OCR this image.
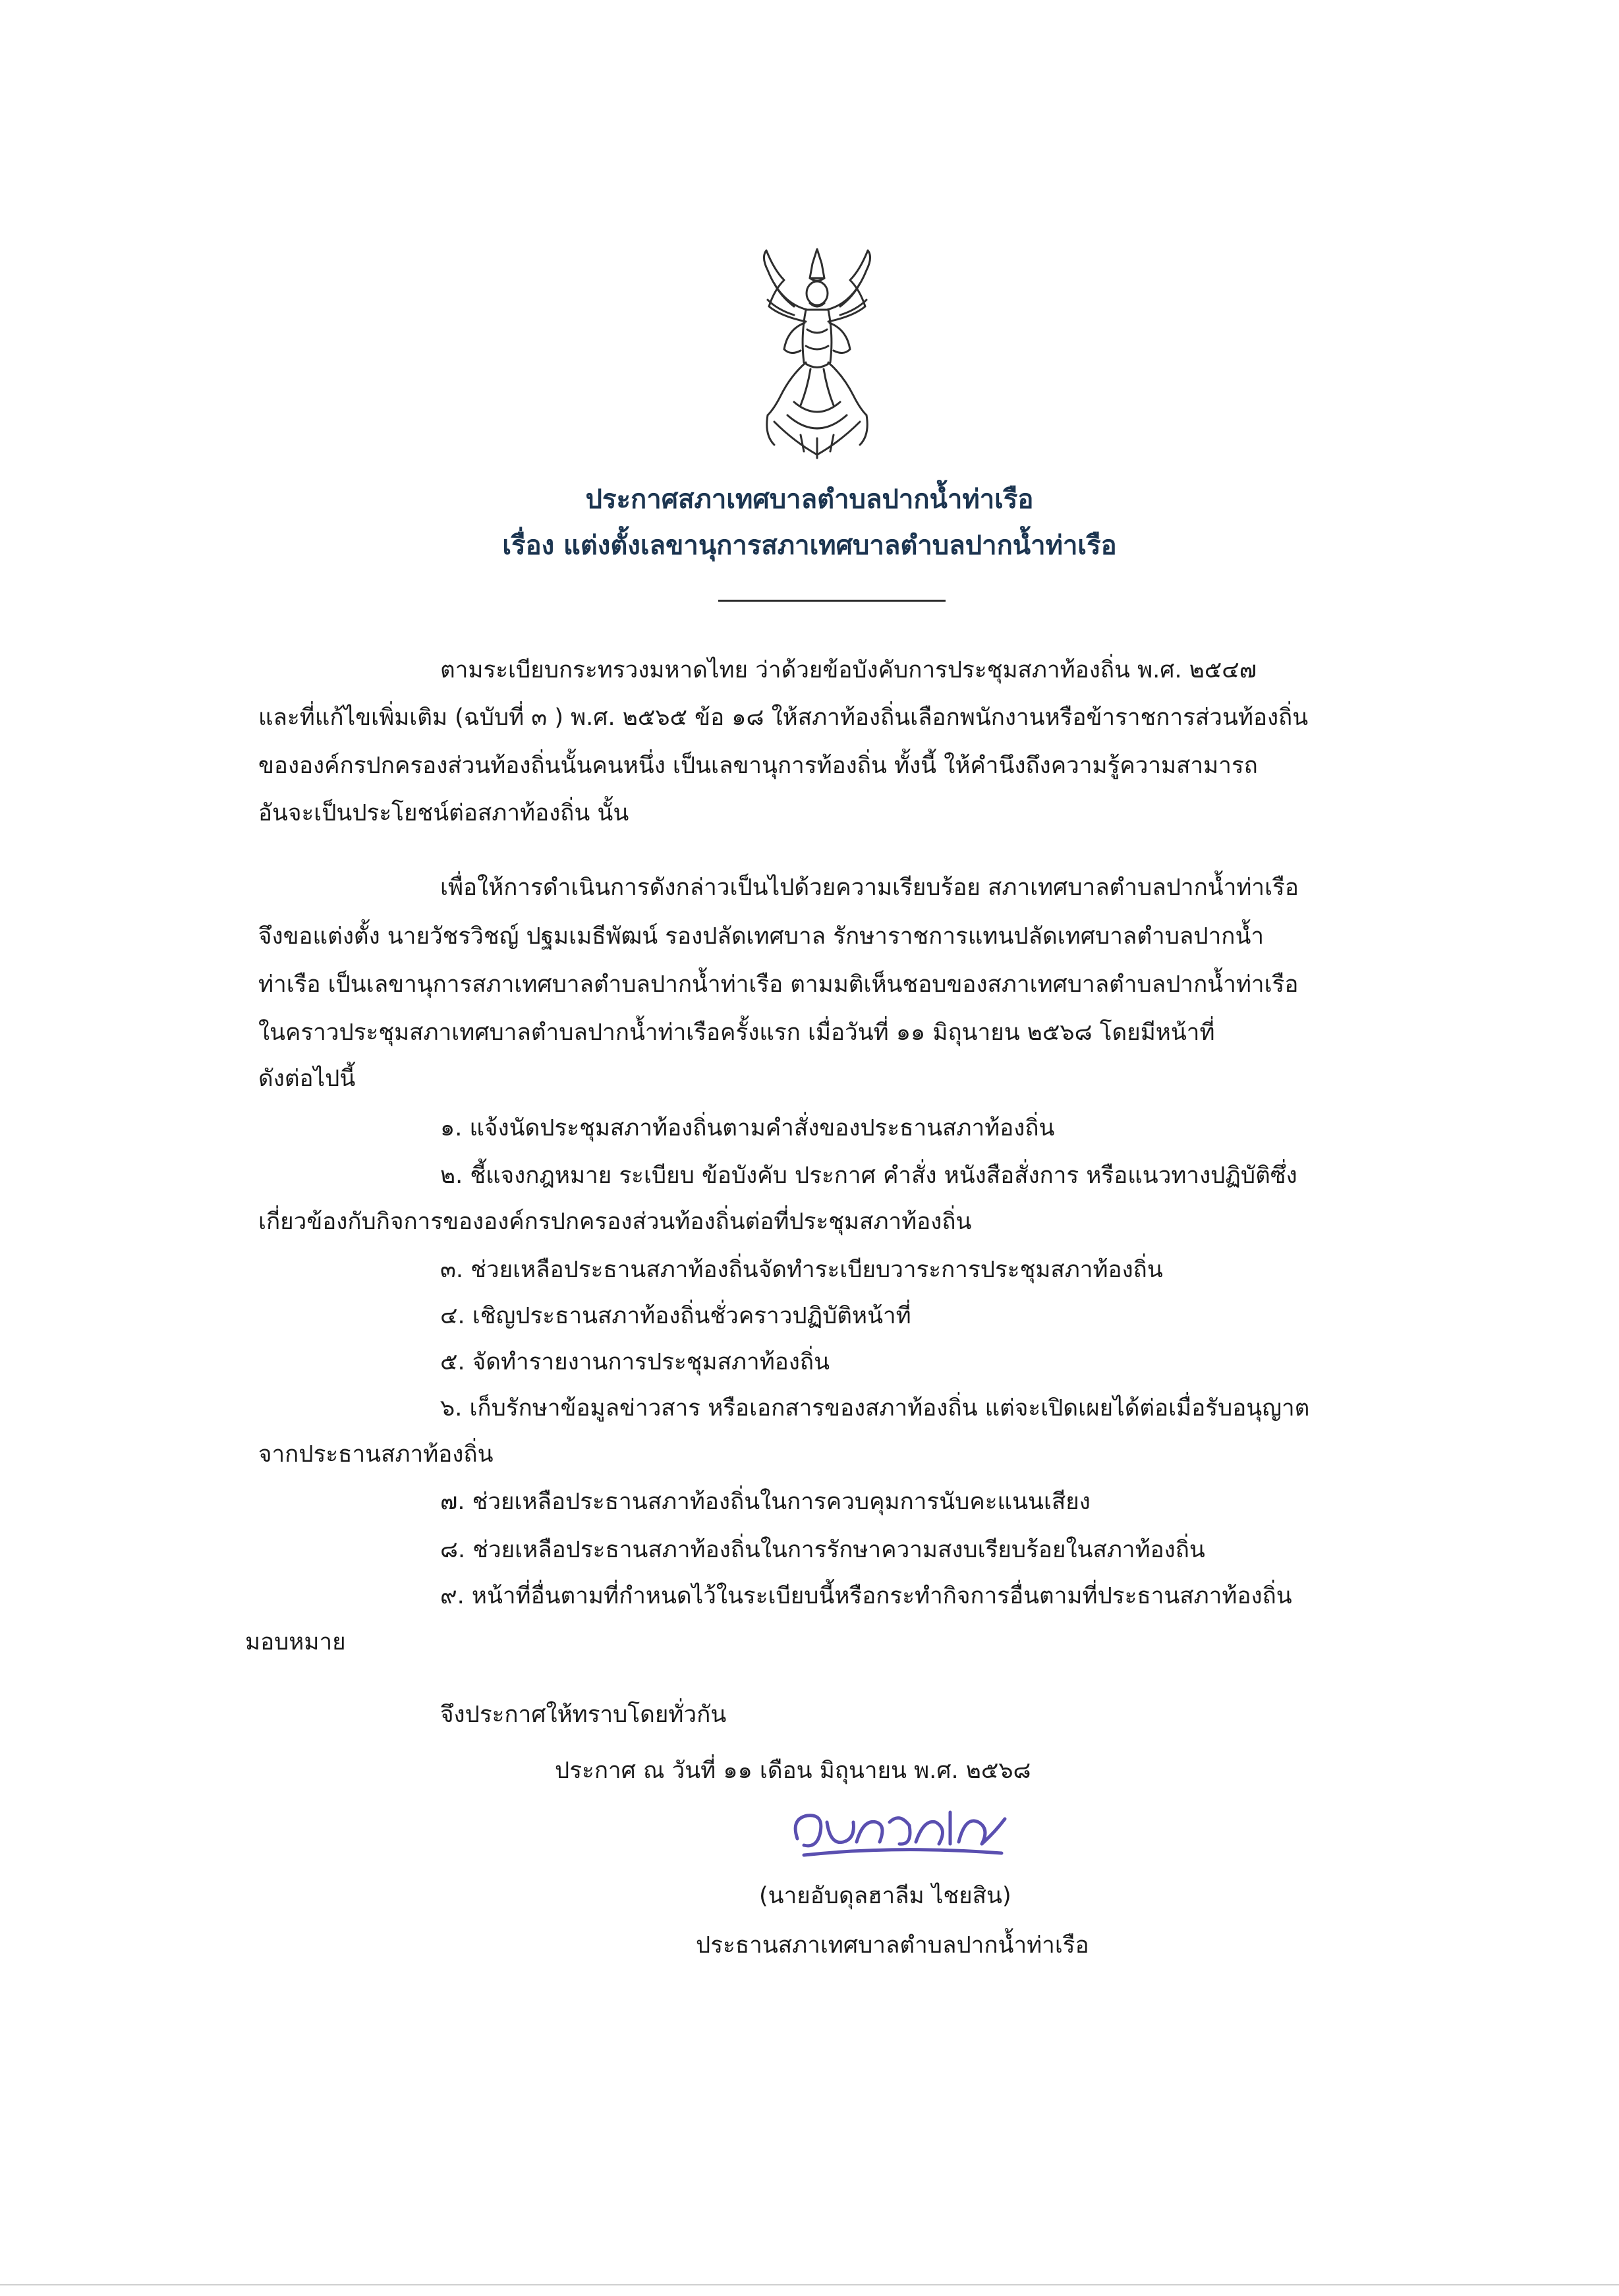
ประกาศสภาเทศบาลตำบลปากน้ำท่าเรือ
เรื่อง แต่งตั้งเลขานุการสภาเทศบาลตำบลปากน้ำท่าเรือ
ตามระเบียบกระทรวงมหาดไทย ว่าด้วยข้อบังคับการประชุมสภาท้องถิ่น พ.ศ. ๒๕๔๗
และที่แก้ไขเพิ่มเติม (ฉบับที่ ๓ ) พ.ศ. ๒๕๖๕ ข้อ ๑๘ ให้สภาท้องถิ่นเลือกพนักงานหรือข้าราชการส่วนท้องถิ่น
ขององค์กรปกครองส่วนท้องถิ่นนั้นคนหนึ่ง เป็นเลขานุการท้องถิ่น ทั้งนี้ ให้คำนึงถึงความรู้ความสามารถ
อันจะเป็นประโยชน์ต่อสภาท้องถิ่น นั้น
เพื่อให้การดำเนินการดังกล่าวเป็นไปด้วยความเรียบร้อย สภาเทศบาลตำบลปากน้ำท่าเรือ
จึงขอแต่งตั้ง นายวัชรวิชญ์ ปฐมเมธีพัฒน์ รองปลัดเทศบาล รักษาราชการแทนปลัดเทศบาลตำบลปากน้ำ
ท่าเรือ เป็นเลขานุการสภาเทศบาลตำบลปากน้ำท่าเรือ ตามมติเห็นชอบของสภาเทศบาลตำบลปากน้ำท่าเรือ
ในคราวประชุมสภาเทศบาลตำบลปากน้ำท่าเรือครั้งแรก เมื่อวันที่ ๑๑ มิถุนายน ๒๕๖๘ โดยมีหน้าที่
ดังต่อไปนี้
๑. แจ้งนัดประชุมสภาท้องถิ่นตามคำสั่งของประธานสภาท้องถิ่น
๒. ชี้แจงกฎหมาย ระเบียบ ข้อบังคับ ประกาศ คำสั่ง หนังสือสั่งการ หรือแนวทางปฏิบัติซึ่ง
เกี่ยวข้องกับกิจการขององค์กรปกครองส่วนท้องถิ่นต่อที่ประชุมสภาท้องถิ่น
๓. ช่วยเหลือประธานสภาท้องถิ่นจัดทำระเบียบวาระการประชุมสภาท้องถิ่น
๔. เชิญประธานสภาท้องถิ่นชั่วคราวปฏิบัติหน้าที่
๕. จัดทำรายงานการประชุมสภาท้องถิ่น
๖. เก็บรักษาข้อมูลข่าวสาร หรือเอกสารของสภาท้องถิ่น แต่จะเปิดเผยได้ต่อเมื่อรับอนุญาต
จากประธานสภาท้องถิ่น
๗. ช่วยเหลือประธานสภาท้องถิ่นในการควบคุมการนับคะแนนเสียง
๘. ช่วยเหลือประธานสภาท้องถิ่นในการรักษาความสงบเรียบร้อยในสภาท้องถิ่น
๙. หน้าที่อื่นตามที่กำหนดไว้ในระเบียบนี้หรือกระทำกิจการอื่นตามที่ประธานสภาท้องถิ่น
มอบหมาย
จึงประกาศให้ทราบโดยทั่วกัน
ประกาศ ณ วันที่ ๑๑ เดือน มิถุนายน พ.ศ. ๒๕๖๘
(นายอับดุลฮาลีม ไชยสิน)
ประธานสภาเทศบาลตำบลปากน้ำท่าเรือ
